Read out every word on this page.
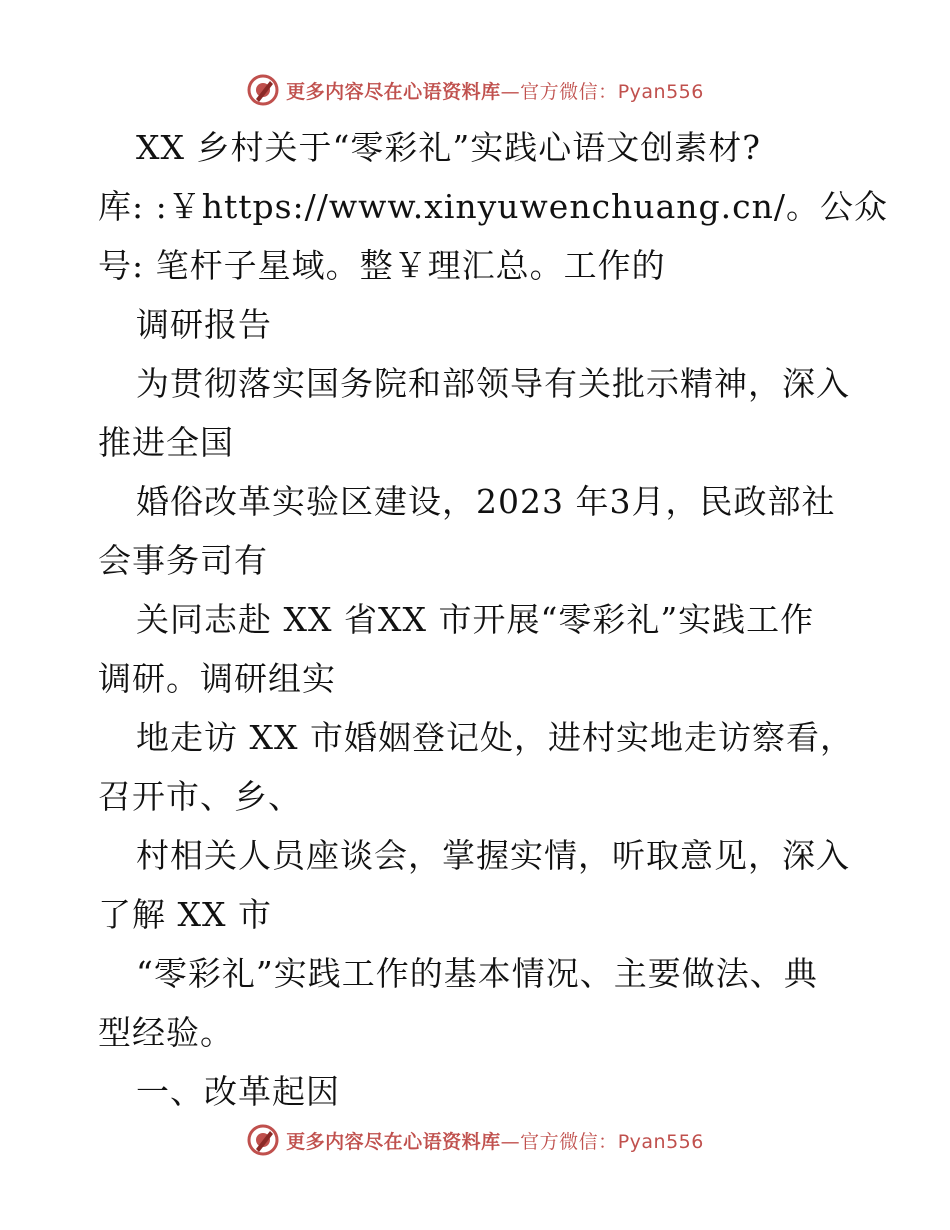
更多内容尽在心语资料库—官方微信：Pyan556
XX 乡村关于“零彩礼”实践心语文创素材?
库: :￥https://www.xinyuwenchuang.cn/。公众
号: 笔杆子星域。整￥理汇总。工作的
调研报告
为贯彻落实国务院和部领导有关批示精神，深入
推进全国
婚俗改革实验区建设，2023 年3月，民政部社
会事务司有
关同志赴 XX 省XX 市开展“零彩礼”实践工作
调研。调研组实
地走访 XX 市婚姻登记处，进村实地走访察看，
召开市、乡、
村相关人员座谈会，掌握实情，听取意见，深入
了解 XX 市
“零彩礼”实践工作的基本情况、主要做法、典
型经验。
一、改革起因
更多内容尽在心语资料库—官方微信：Pyan556
